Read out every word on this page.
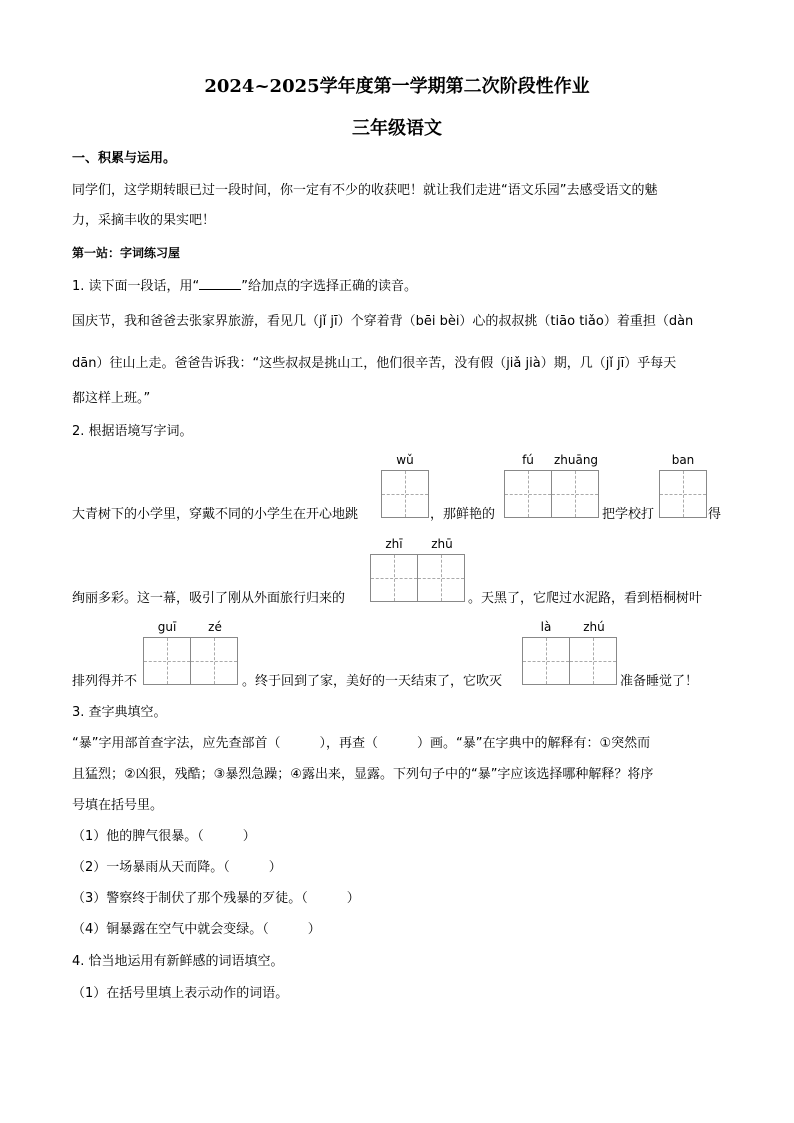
2024~2025学年度第一学期第二次阶段性作业
三年级语文
一、积累与运用。
同学们，这学期转眼已过一段时间，你一定有不少的收获吧！就让我们走进“语文乐园”去感受语文的魅
力，采摘丰收的果实吧！
第一站：字词练习屋
1. 读下面一段话，用“	”给加点的字选择正确的读音。
国庆节，我和爸爸去张家界旅游，看见几（jǐ jī）个穿着背（bēi bèi）心的叔叔挑（tiāo tiǎo）着重担（dàn
dān）往山上走。爸爸告诉我：“这些叔叔是挑山工，他们很辛苦，没有假（jiǎ jià）期，几（jǐ jī）乎每天
都这样上班。”
2. 根据语境写字词。
wǔ	fú	zhuāng	ban
大青树下的小学里，穿戴不同的小学生在开心地跳	，那鲜艳的	把学校打	得
zhī	zhū
绚丽多彩。这一幕，吸引了刚从外面旅行归来的	。天黑了，它爬过水泥路，看到梧桐树叶
guī	zé	là	zhú
排列得并不	。终于回到了家，美好的一天结束了，它吹灭	准备睡觉了！
3. 查字典填空。
“暴”字用部首查字法，应先查部首（　　　），再查（　　　）画。“暴”在字典中的解释有：①突然而
且猛烈；②凶狠，残酷；③暴烈急躁；④露出来，显露。下列句子中的“暴”字应该选择哪种解释？将序
号填在括号里。
（1）他的脾气很暴。（　　　）
（2）一场暴雨从天而降。（　　　）
（3）警察终于制伏了那个残暴的歹徒。（　　　）
（4）铜暴露在空气中就会变绿。（　　　）
4. 恰当地运用有新鲜感的词语填空。
（1）在括号里填上表示动作的词语。
